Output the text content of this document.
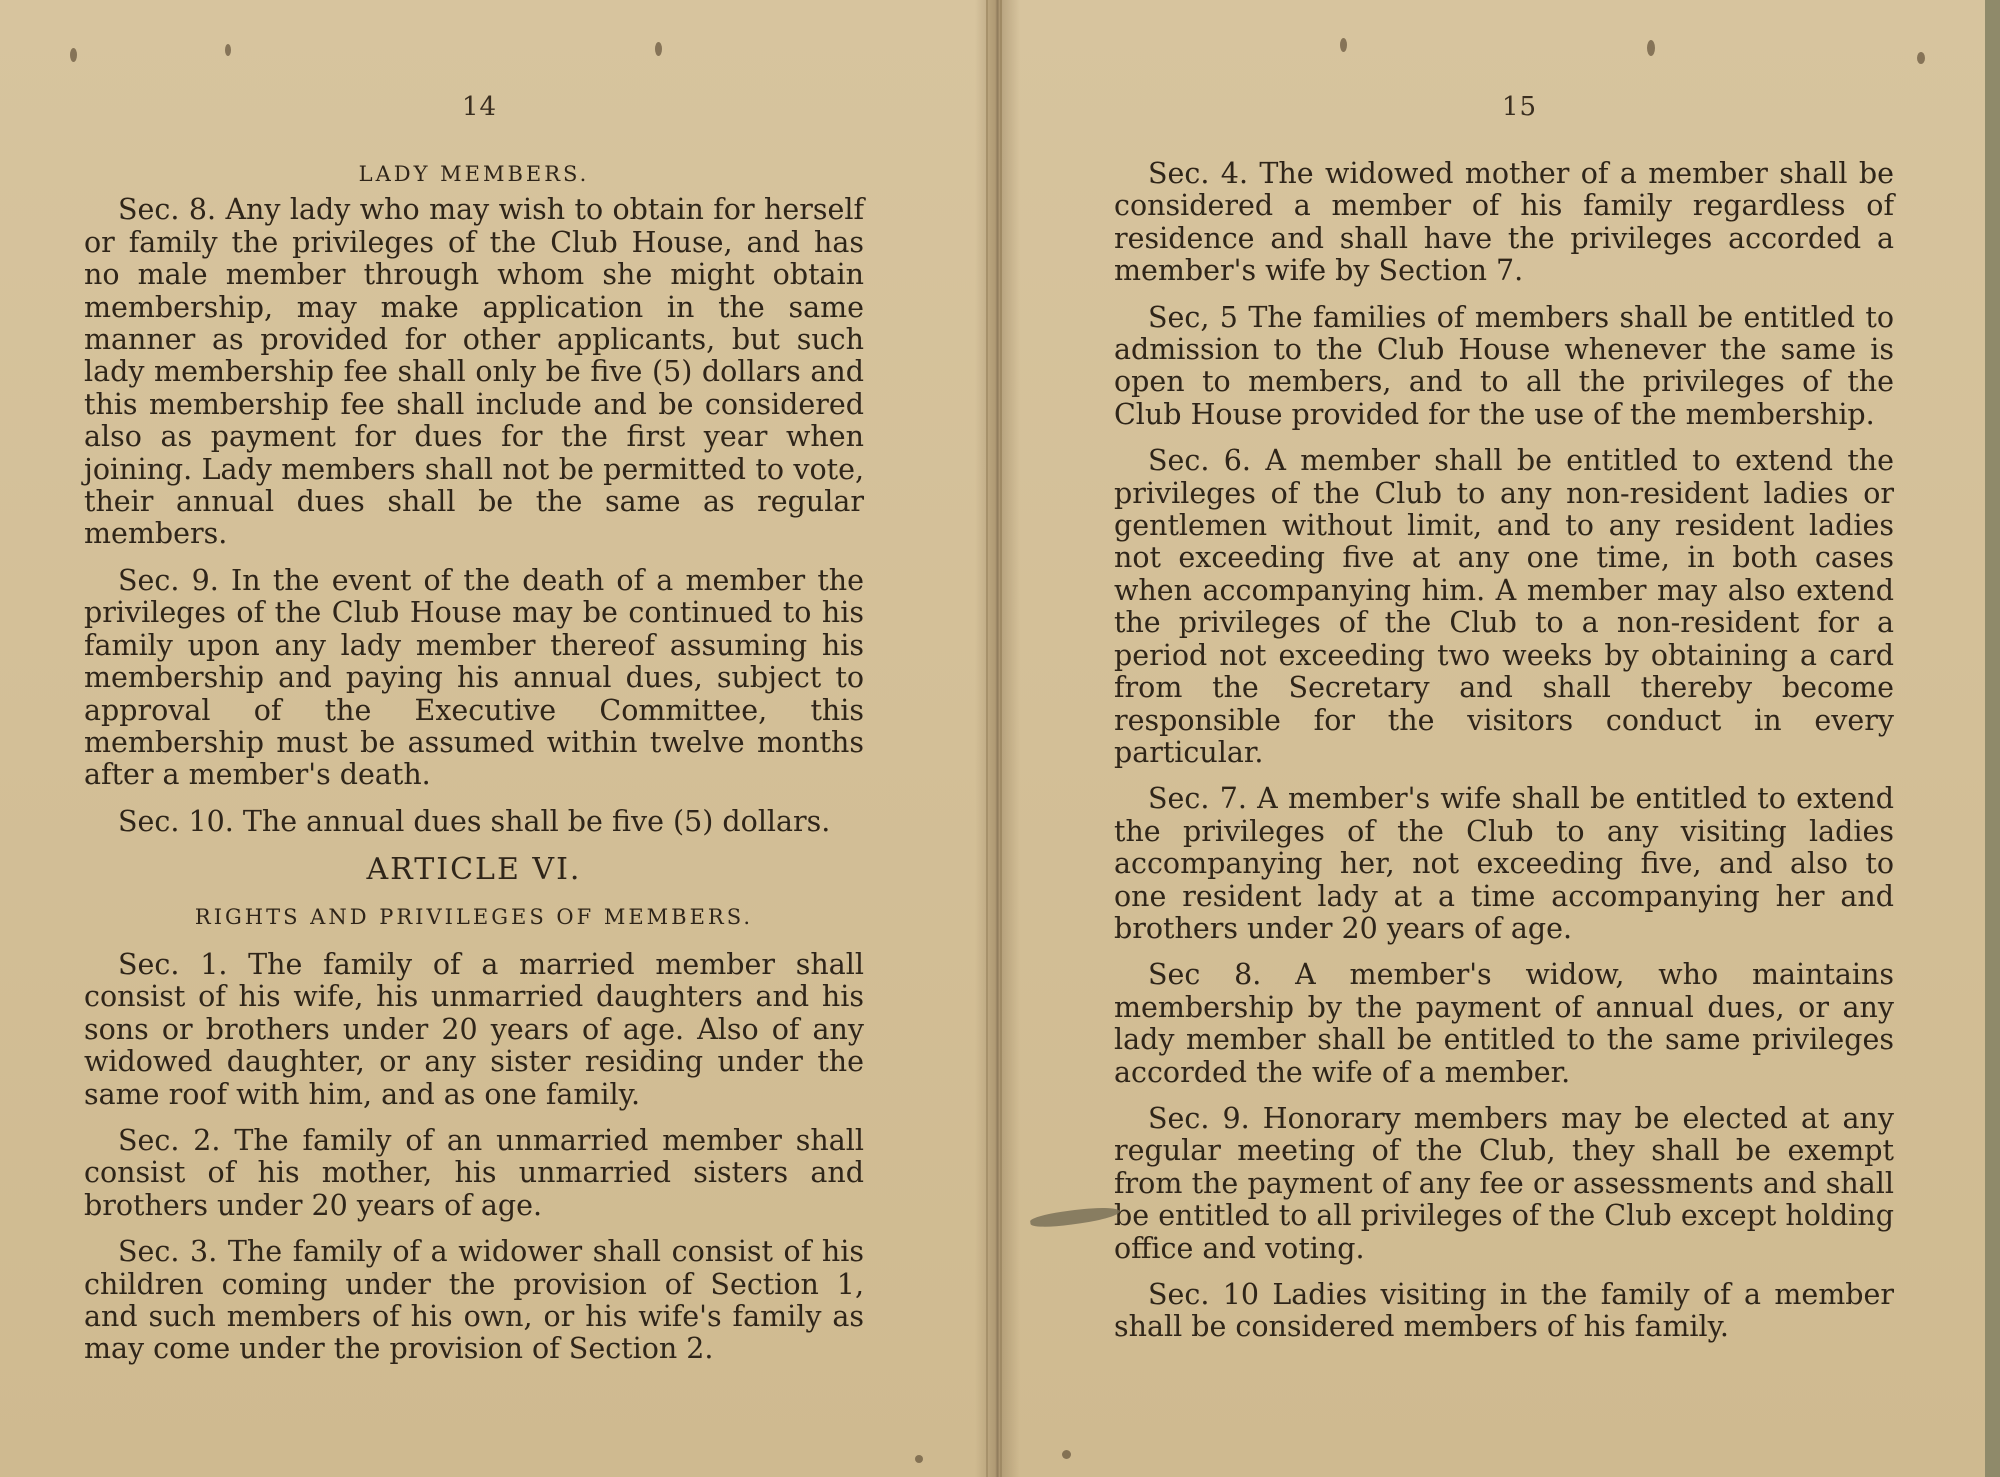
14
LADY MEMBERS.

Sec. 8. Any lady who may wish to obtain for herself or family the privileges of the Club House, and has no male member through whom she might obtain membership, may make application in the same manner as provided for other applicants, but such lady membership fee shall only be five (5) dollars and this membership fee shall include and be considered also as payment for dues for the first year when joining. Lady members shall not be permitted to vote, their annual dues shall be the same as regular members.

Sec. 9. In the event of the death of a member the privileges of the Club House may be continued to his family upon any lady member thereof assuming his membership and paying his annual dues, subject to approval of the Executive Committee, this membership must be assumed within twelve months after a member's death.

Sec. 10. The annual dues shall be five (5) dollars.

ARTICLE VI.
RIGHTS AND PRIVILEGES OF MEMBERS.

Sec. 1. The family of a married member shall consist of his wife, his unmarried daughters and his sons or brothers under 20 years of age. Also of any widowed daughter, or any sister residing under the same roof with him, and as one family.

Sec. 2. The family of an unmarried member shall consist of his mother, his unmarried sisters and brothers under 20 years of age.

Sec. 3. The family of a widower shall consist of his children coming under the provision of Section 1, and such members of his own, or his wife's family as may come under the provision of Section 2.

15

Sec. 4. The widowed mother of a member shall be considered a member of his family regardless of residence and shall have the privileges accorded a member's wife by Section 7.

Sec, 5 The families of members shall be entitled to admission to the Club House whenever the same is open to members, and to all the privileges of the Club House provided for the use of the membership.

Sec. 6. A member shall be entitled to extend the privileges of the Club to any non-resident ladies or gentlemen without limit, and to any resident ladies not exceeding five at any one time, in both cases when accompanying him. A member may also extend the privileges of the Club to a non-resident for a period not exceeding two weeks by obtaining a card from the Secretary and shall thereby become responsible for the visitors conduct in every particular.

Sec. 7. A member's wife shall be entitled to extend the privileges of the Club to any visiting ladies accompanying her, not exceeding five, and also to one resident lady at a time accompanying her and brothers under 20 years of age.

Sec 8. A member's widow, who maintains membership by the payment of annual dues, or any lady member shall be entitled to the same privileges accorded the wife of a member.

Sec. 9. Honorary members may be elected at any regular meeting of the Club, they shall be exempt from the payment of any fee or assessments and shall be entitled to all privileges of the Club except holding office and voting.

Sec. 10 Ladies visiting in the family of a member shall be considered members of his family.
